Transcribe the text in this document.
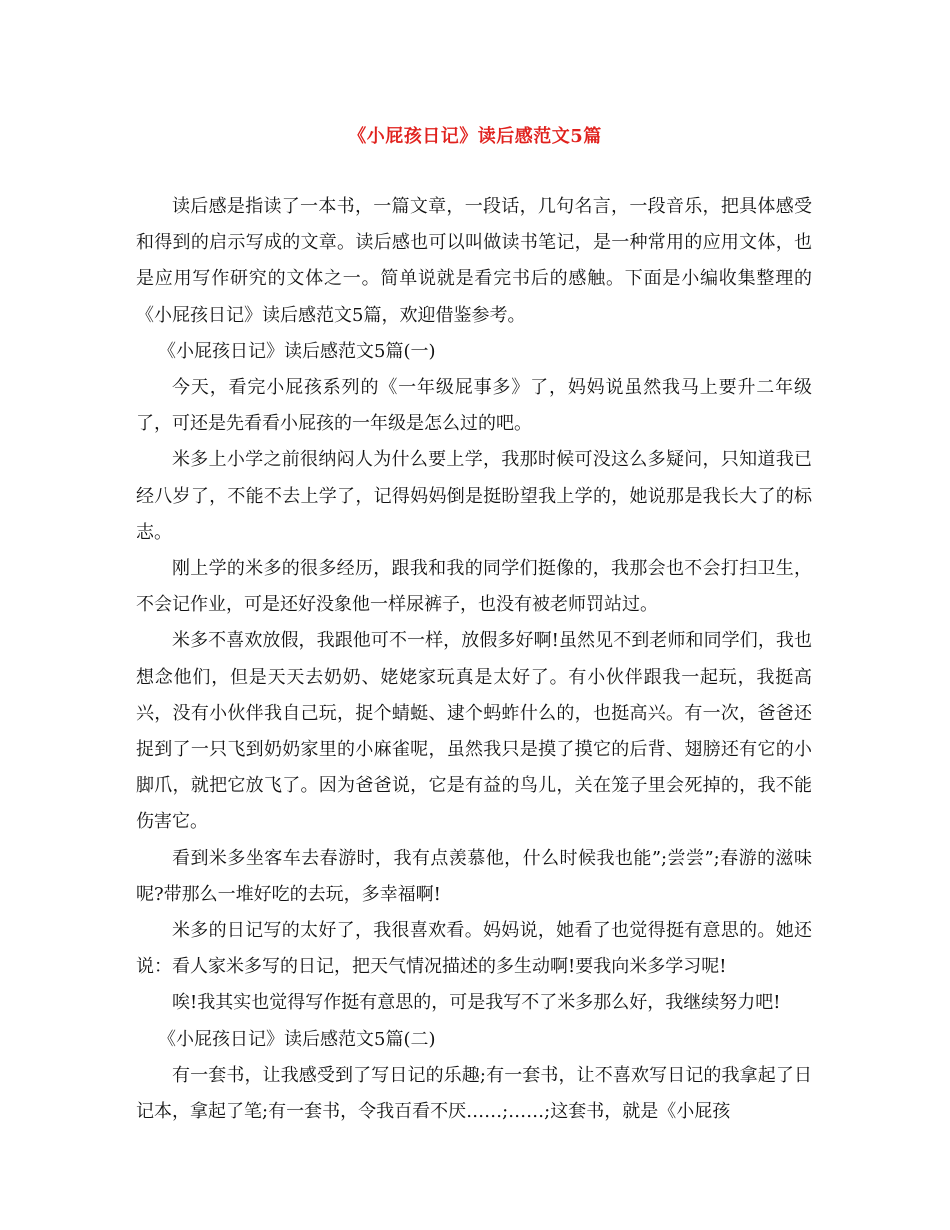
《小屁孩日记》读后感范文5篇

读后感是指读了一本书，一篇文章，一段话，几句名言，一段音乐，把具体感受和得到的启示写成的文章。读后感也可以叫做读书笔记，是一种常用的应用文体，也是应用写作研究的文体之一。简单说就是看完书后的感触。下面是小编收集整理的《小屁孩日记》读后感范文5篇，欢迎借鉴参考。

《小屁孩日记》读后感范文5篇(一)

今天，看完小屁孩系列的《一年级屁事多》了，妈妈说虽然我马上要升二年级了，可还是先看看小屁孩的一年级是怎么过的吧。

米多上小学之前很纳闷人为什么要上学，我那时候可没这么多疑问，只知道我已经八岁了，不能不去上学了，记得妈妈倒是挺盼望我上学的，她说那是我长大了的标志。

刚上学的米多的很多经历，跟我和我的同学们挺像的，我那会也不会打扫卫生，不会记作业，可是还好没象他一样尿裤子，也没有被老师罚站过。

米多不喜欢放假，我跟他可不一样，放假多好啊!虽然见不到老师和同学们，我也想念他们，但是天天去奶奶、姥姥家玩真是太好了。有小伙伴跟我一起玩，我挺高兴，没有小伙伴我自己玩，捉个蜻蜓、逮个蚂蚱什么的，也挺高兴。有一次，爸爸还捉到了一只飞到奶奶家里的小麻雀呢，虽然我只是摸了摸它的后背、翅膀还有它的小脚爪，就把它放飞了。因为爸爸说，它是有益的鸟儿，关在笼子里会死掉的，我不能伤害它。

看到米多坐客车去春游时，我有点羡慕他，什么时候我也能”;尝尝”;春游的滋味呢?带那么一堆好吃的去玩，多幸福啊!

米多的日记写的太好了，我很喜欢看。妈妈说，她看了也觉得挺有意思的。她还说：看人家米多写的日记，把天气情况描述的多生动啊!要我向米多学习呢!

唉!我其实也觉得写作挺有意思的，可是我写不了米多那么好，我继续努力吧!

《小屁孩日记》读后感范文5篇(二)

有一套书，让我感受到了写日记的乐趣;有一套书，让不喜欢写日记的我拿起了日记本，拿起了笔;有一套书，令我百看不厌……;……;这套书，就是《小屁孩
